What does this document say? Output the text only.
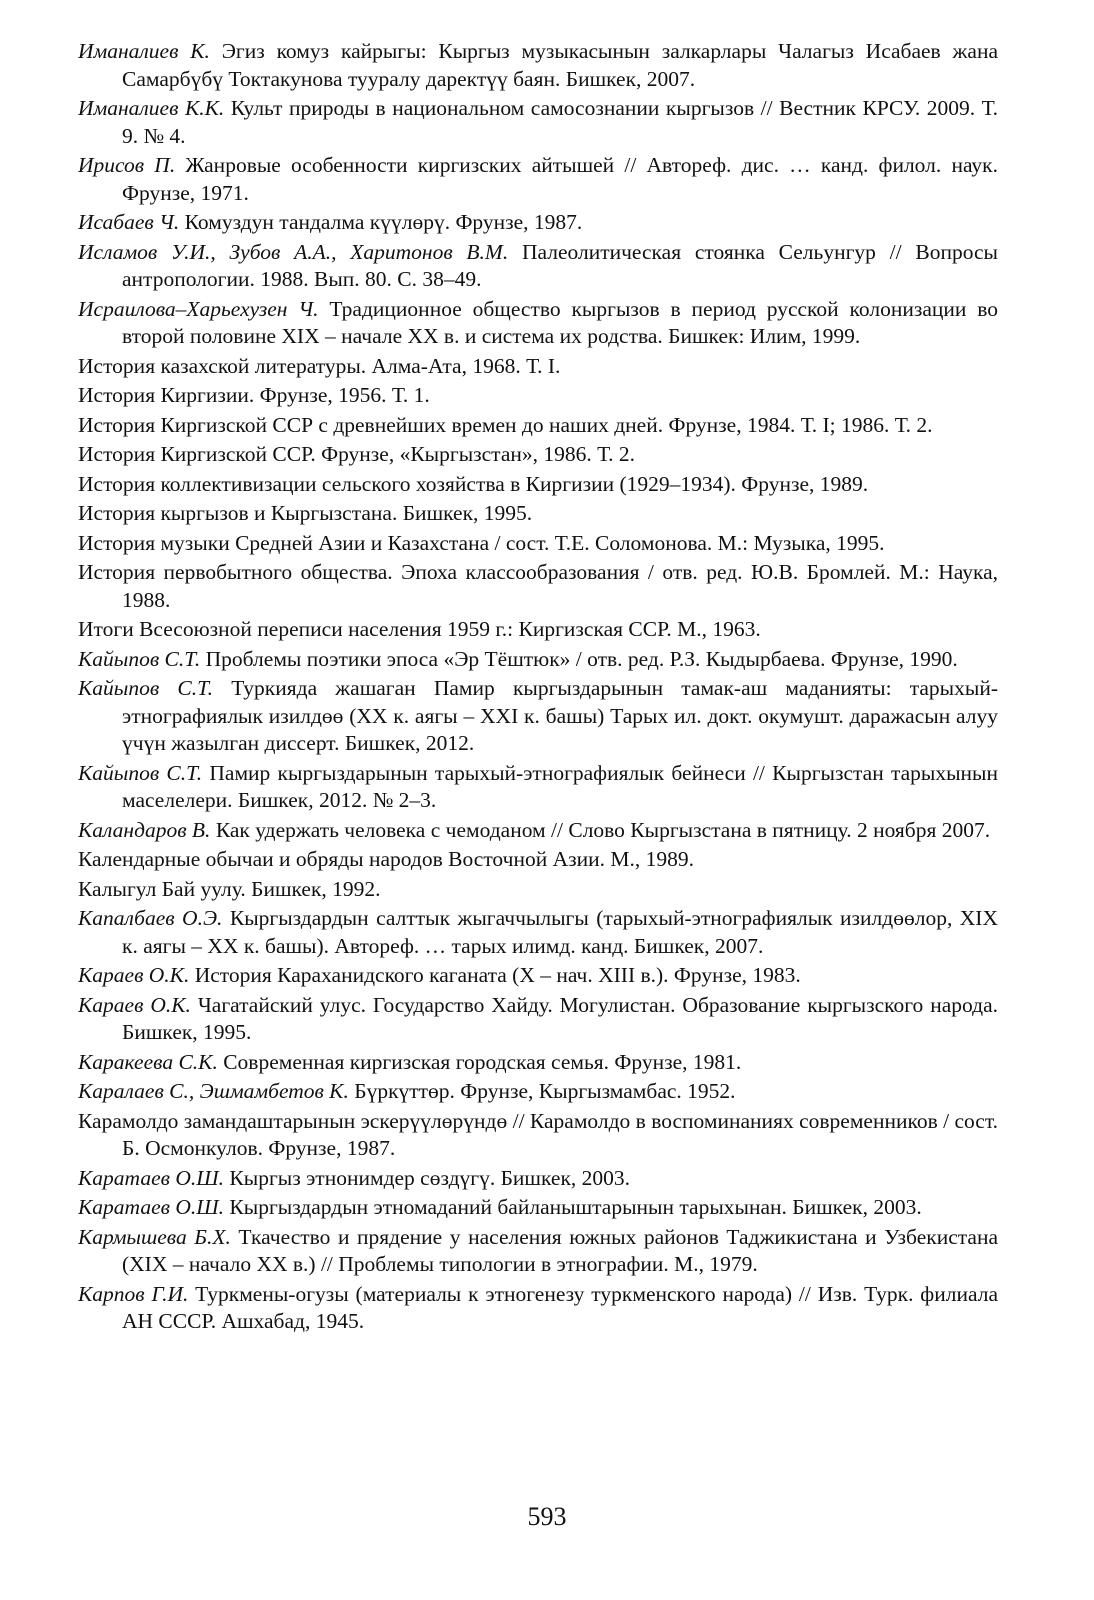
Иманалиев К. Эгиз комуз кайрыгы: Кыргыз музыкасынын залкарлары Чалагыз Исабаев жана Самарбүбү Токтакунова тууралу даректүү баян. Бишкек, 2007.
Иманалиев К.К. Культ природы в национальном самосознании кыргызов // Вестник КРСУ. 2009. Т. 9. № 4.
Ирисов П. Жанровые особенности киргизских айтышей // Автореф. дис. … канд. филол. наук. Фрунзе, 1971.
Исабаев Ч. Комуздун тандалма күүлөрү. Фрунзе, 1987.
Исламов У.И., Зубов А.А., Харитонов В.М. Палеолитическая стоянка Сельунгур // Вопросы антропологии. 1988. Вып. 80. С. 38–49.
Исраилова–Харьехузен Ч. Традиционное общество кыргызов в период русской колонизации во второй половине XIX – начале XX в. и система их родства. Бишкек: Илим, 1999.
История казахской литературы. Алма-Ата, 1968. Т. I.
История Киргизии. Фрунзе, 1956. Т. 1.
История Киргизской ССР с древнейших времен до наших дней. Фрунзе, 1984. Т. I; 1986. Т. 2.
История Киргизской ССР. Фрунзе, «Кыргызстан», 1986. Т. 2.
История коллективизации сельского хозяйства в Киргизии (1929–1934). Фрунзе, 1989.
История кыргызов и Кыргызстана. Бишкек, 1995.
История музыки Средней Азии и Казахстана / сост. Т.Е. Соломонова. М.: Музыка, 1995.
История первобытного общества. Эпоха классообразования / отв. ред. Ю.В. Бромлей. М.: Наука, 1988.
Итоги Всесоюзной переписи населения 1959 г.: Киргизская ССР. М., 1963.
Кайыпов С.Т. Проблемы поэтики эпоса «Эр Тёштюк» / отв. ред. Р.З. Кыдырбаева. Фрунзе, 1990.
Кайыпов С.Т. Туркияда жашаган Памир кыргыздарынын тамак-аш маданияты: тарыхый-этнографиялык изилдөө (XX к. аягы – XXI к. башы) Тарых ил. докт. окумушт. даражасын алуу үчүн жазылган диссерт. Бишкек, 2012.
Кайыпов С.Т. Памир кыргыздарынын тарыхый-этнографиялык бейнеси // Кыргызстан тарыхынын маселелери. Бишкек, 2012. № 2–3.
Каландаров В. Как удержать человека с чемоданом // Слово Кыргызстана в пятницу. 2 ноября 2007.
Календарные обычаи и обряды народов Восточной Азии. М., 1989.
Калыгул Бай уулу. Бишкек, 1992.
Капалбаев О.Э. Кыргыздардын салттык жыгаччылыгы (тарыхый-этнографиялык изилдөөлор, XIX к. аягы – XX к. башы). Автореф. … тарых илимд. канд. Бишкек, 2007.
Караев О.К. История Караханидского каганата (X – нач. XIII в.). Фрунзе, 1983.
Караев О.К. Чагатайский улус. Государство Хайду. Могулистан. Образование кыргызского народа. Бишкек, 1995.
Каракеева С.К. Современная киргизская городская семья. Фрунзе, 1981.
Каралаев С., Эшмамбетов К. Бүркүттөр. Фрунзе, Кыргызмамбас. 1952.
Карамолдо замандаштарынын эскерүүлөрүндө // Карамолдо в воспоминаниях современников / сост. Б. Осмонкулов. Фрунзе, 1987.
Каратаев О.Ш. Кыргыз этнонимдер сөздүгү. Бишкек, 2003.
Каратаев О.Ш. Кыргыздардын этномаданий байланыштарынын тарыхынан. Бишкек, 2003.
Кармышева Б.Х. Ткачество и прядение у населения южных районов Таджикистана и Узбекистана (XIX – начало XX в.) // Проблемы типологии в этнографии. М., 1979.
Карпов Г.И. Туркмены-огузы (материалы к этногенезу туркменского народа) // Изв. Турк. филиала АН СССР. Ашхабад, 1945.
593
